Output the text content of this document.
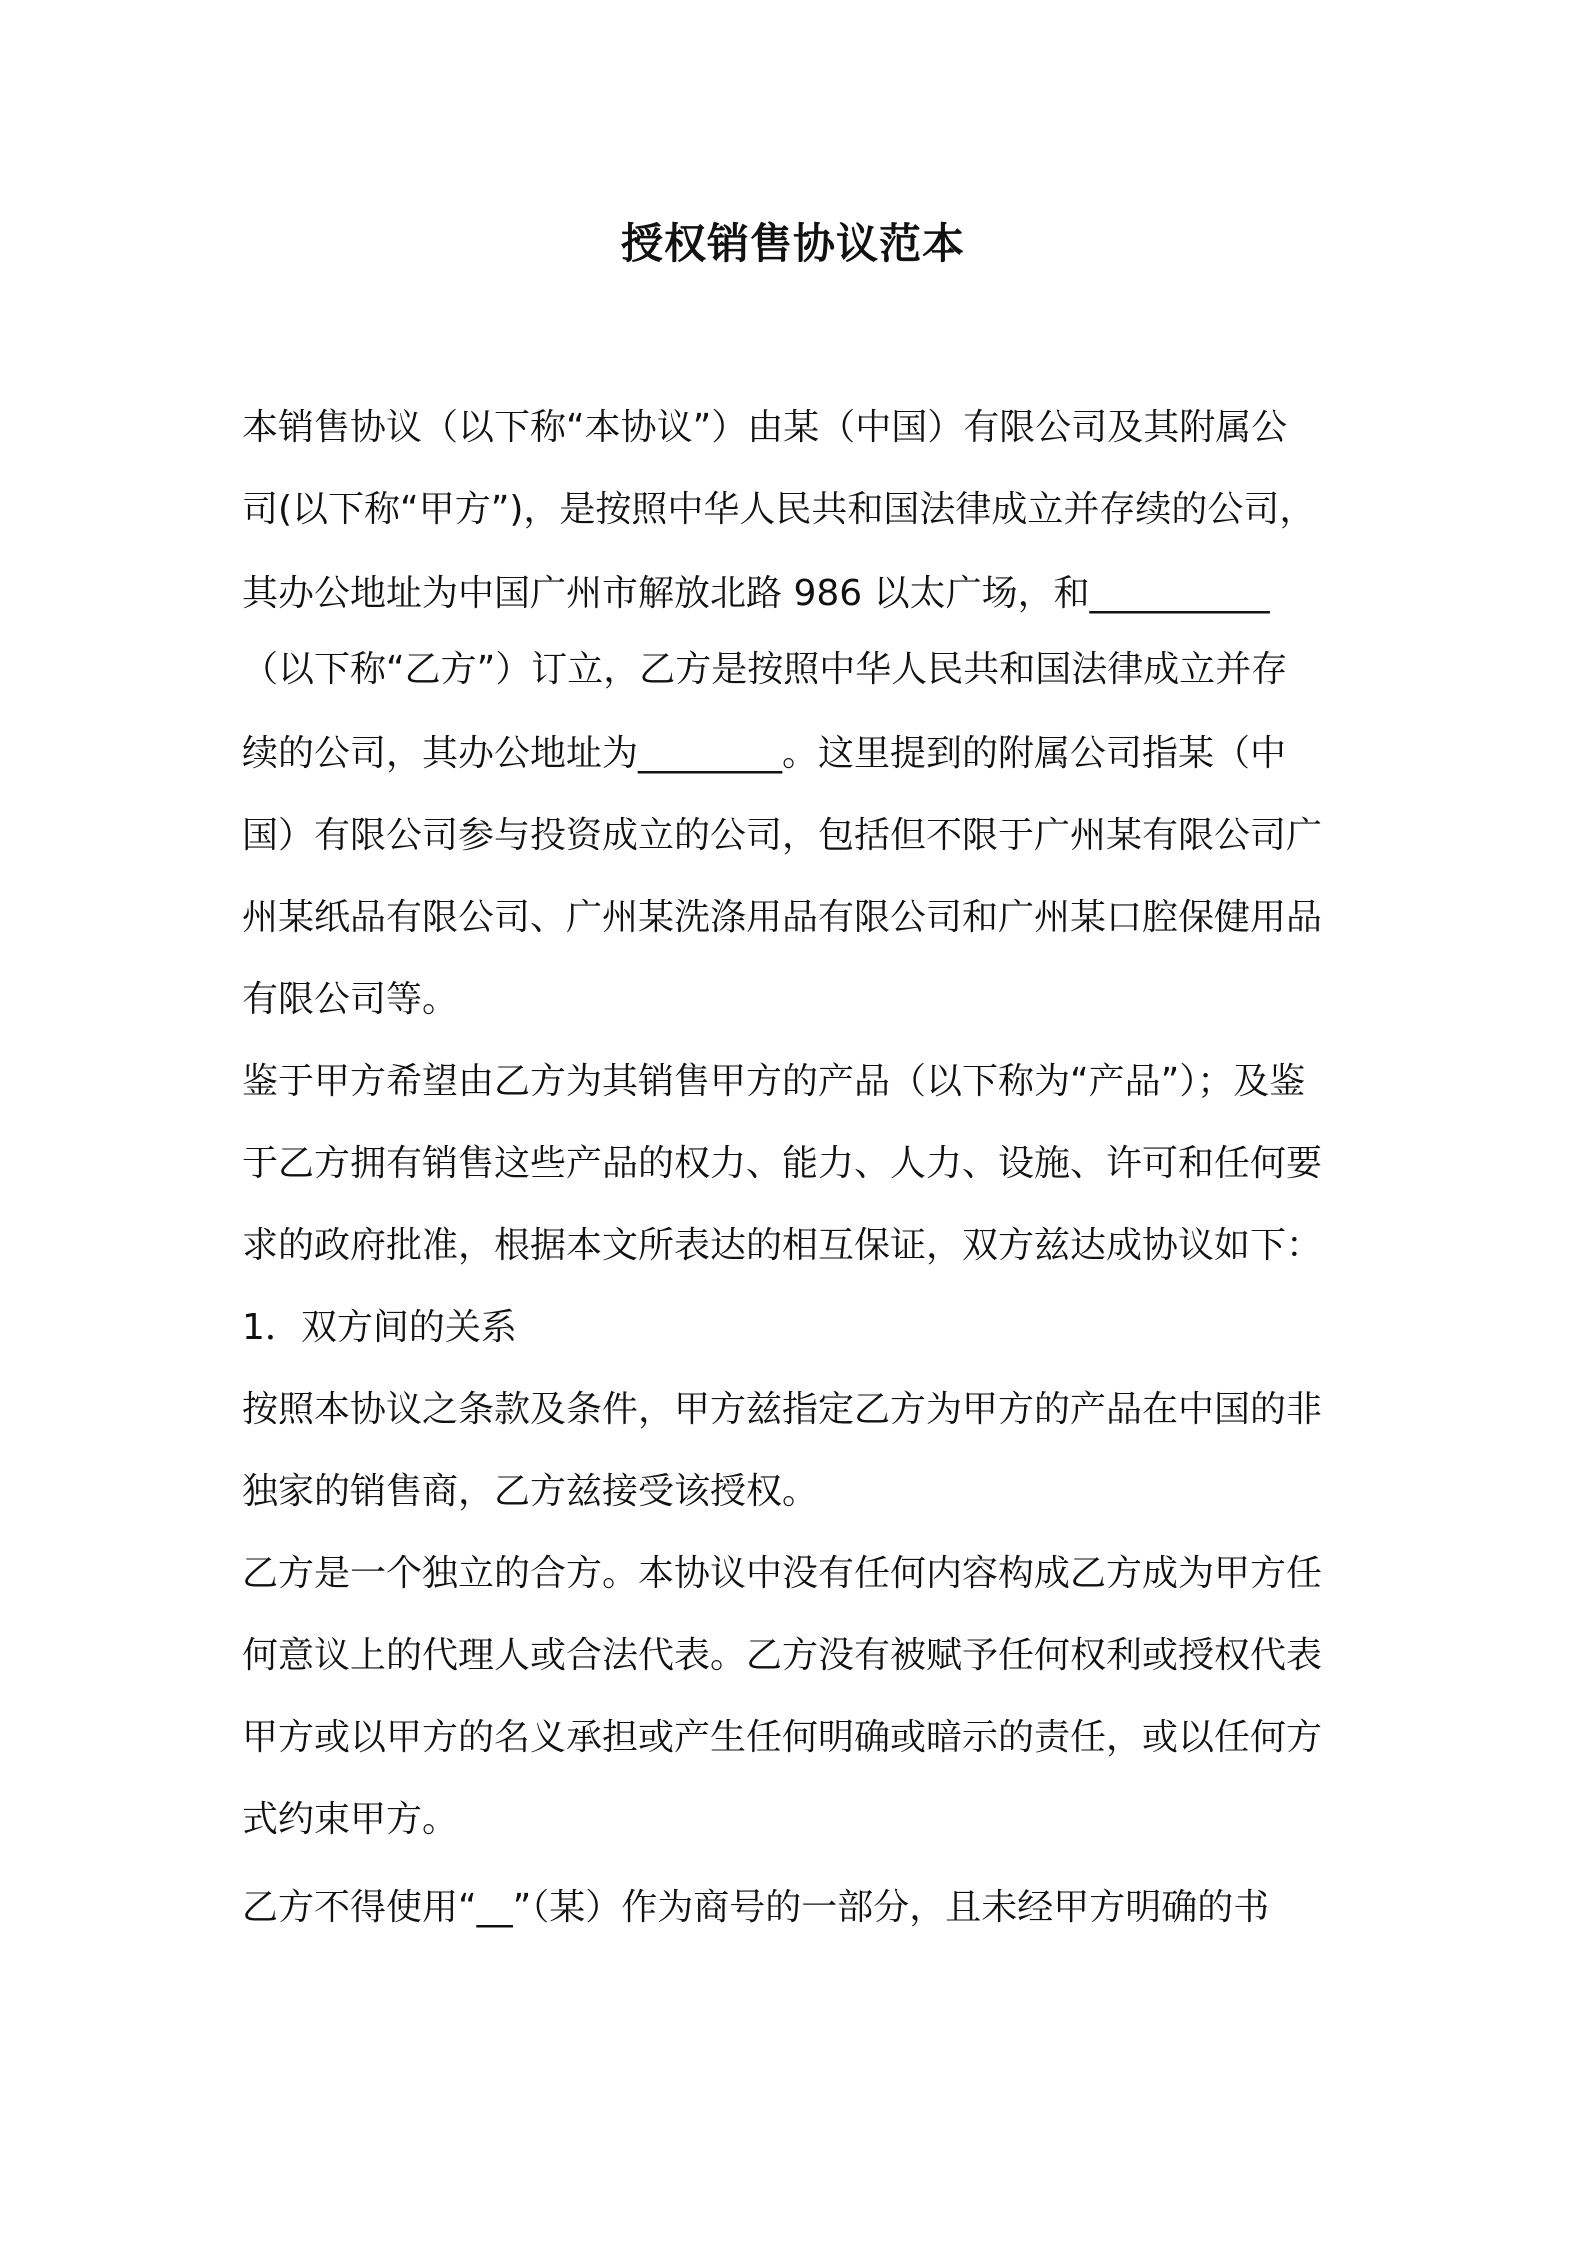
授权销售协议范本

本销售协议（以下称“本协议”）由某（中国）有限公司及其附属公

司(以下称“甲方”)，是按照中华人民共和国法律成立并存续的公司，

其办公地址为中国广州市解放北路 986 以太广场，和__________

（以下称“乙方”）订立，乙方是按照中华人民共和国法律成立并存

续的公司，其办公地址为________。这里提到的附属公司指某（中

国）有限公司参与投资成立的公司，包括但不限于广州某有限公司广

州某纸品有限公司、广州某洗涤用品有限公司和广州某口腔保健用品

有限公司等。

鉴于甲方希望由乙方为其销售甲方的产品（以下称为“产品”）；及鉴

于乙方拥有销售这些产品的权力、能力、人力、设施、许可和任何要

求的政府批准，根据本文所表达的相互保证，双方兹达成协议如下：

1．双方间的关系

按照本协议之条款及条件，甲方兹指定乙方为甲方的产品在中国的非

独家的销售商，乙方兹接受该授权。

乙方是一个独立的合方。本协议中没有任何内容构成乙方成为甲方任

何意议上的代理人或合法代表。乙方没有被赋予任何权利或授权代表

甲方或以甲方的名义承担或产生任何明确或暗示的责任，或以任何方

式约束甲方。

乙方不得使用“__”（某）作为商号的一部分，且未经甲方明确的书
